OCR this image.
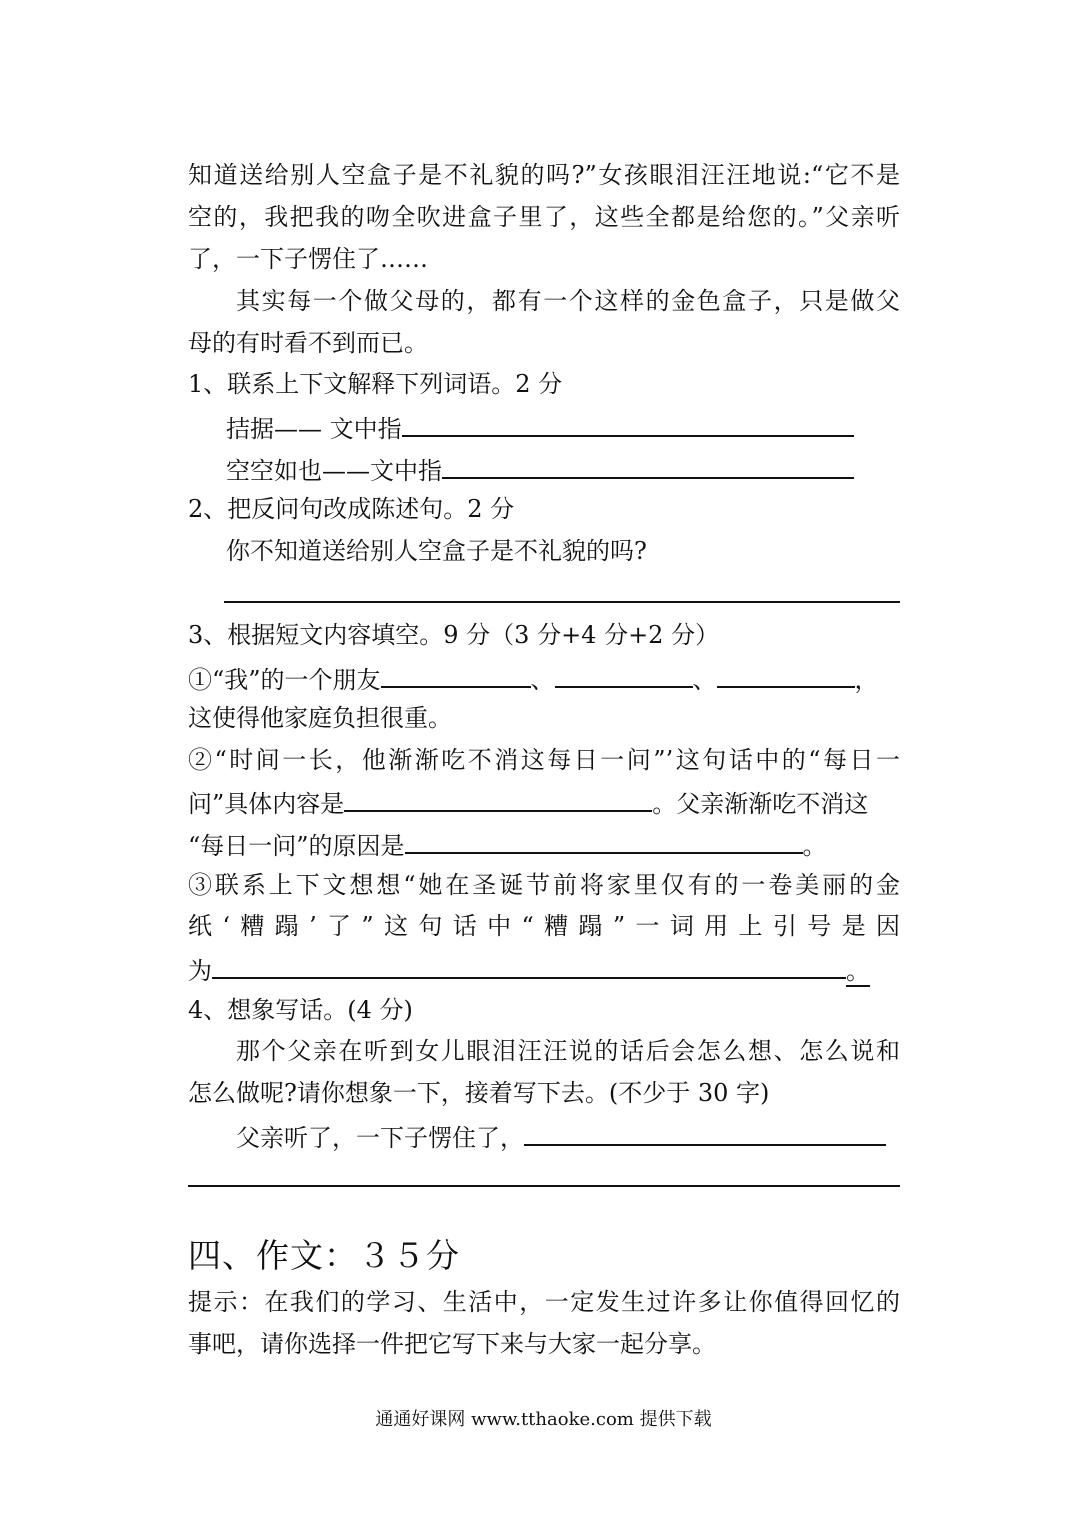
知道送给别人空盒子是不礼貌的吗?”女孩眼泪汪汪地说:“它不是
空的，我把我的吻全吹进盒子里了，这些全都是给您的。”父亲听
了，一下子愣住了……
其实每一个做父母的，都有一个这样的金色盒子，只是做父
母的有时看不到而已。
1、联系上下文解释下列词语。2 分
拮据—— 文中指
空空如也——文中指
2、把反问句改成陈述句。2 分
你不知道送给别人空盒子是不礼貌的吗?
3、根据短文内容填空。9 分（3 分+4 分+2 分）
①“我”的一个朋友	、	、	，
这使得他家庭负担很重。
②“时间一长，他渐渐吃不消这每日一问”’这句话中的“每日一
问”具体内容是	。父亲渐渐吃不消这
“每日一问”的原因是	。
③联系上下文想想“她在圣诞节前将家里仅有的一卷美丽的金
纸‘糟蹋’了”这句话中“糟蹋”一词用上引号是因
为	。
4、想象写话。(4 分)
那个父亲在听到女儿眼泪汪汪说的话后会怎么想、怎么说和
怎么做呢?请你想象一下，接着写下去。(不少于 30 字)
父亲听了，一下子愣住了，
四、作文：３５分
提示：在我们的学习、生活中，一定发生过许多让你值得回忆的
事吧，请你选择一件把它写下来与大家一起分享。
通通好课网 www.tthaoke.com 提供下载
